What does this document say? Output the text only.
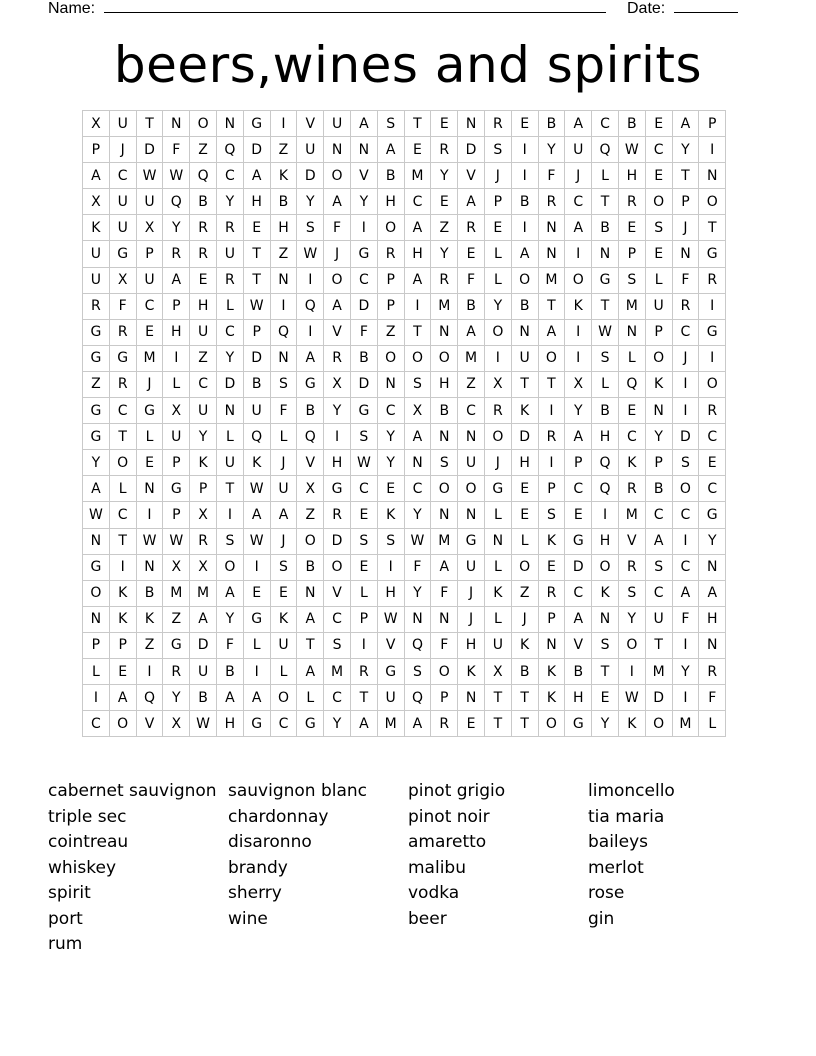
Name:	Date:
beers,wines and spirits
X	U	T	N	O	N	G	I	V	U	A	S	T	E	N	R	E	B	A	C	B	E	A	P
P	J	D	F	Z	Q	D	Z	U	N	N	A	E	R	D	S	I	Y	U	Q	W	C	Y	I
A	C	W	W	Q	C	A	K	D	O	V	B	M	Y	V	J	I	F	J	L	H	E	T	N
X	U	U	Q	B	Y	H	B	Y	A	Y	H	C	E	A	P	B	R	C	T	R	O	P	O
K	U	X	Y	R	R	E	H	S	F	I	O	A	Z	R	E	I	N	A	B	E	S	J	T
U	G	P	R	R	U	T	Z	W	J	G	R	H	Y	E	L	A	N	I	N	P	E	N	G
U	X	U	A	E	R	T	N	I	O	C	P	A	R	F	L	O	M	O	G	S	L	F	R
R	F	C	P	H	L	W	I	Q	A	D	P	I	M	B	Y	B	T	K	T	M	U	R	I
G	R	E	H	U	C	P	Q	I	V	F	Z	T	N	A	O	N	A	I	W	N	P	C	G
G	G	M	I	Z	Y	D	N	A	R	B	O	O	O	M	I	U	O	I	S	L	O	J	I
Z	R	J	L	C	D	B	S	G	X	D	N	S	H	Z	X	T	T	X	L	Q	K	I	O
G	C	G	X	U	N	U	F	B	Y	G	C	X	B	C	R	K	I	Y	B	E	N	I	R
G	T	L	U	Y	L	Q	L	Q	I	S	Y	A	N	N	O	D	R	A	H	C	Y	D	C
Y	O	E	P	K	U	K	J	V	H	W	Y	N	S	U	J	H	I	P	Q	K	P	S	E
A	L	N	G	P	T	W	U	X	G	C	E	C	O	O	G	E	P	C	Q	R	B	O	C
W	C	I	P	X	I	A	A	Z	R	E	K	Y	N	N	L	E	S	E	I	M	C	C	G
N	T	W	W	R	S	W	J	O	D	S	S	W	M	G	N	L	K	G	H	V	A	I	Y
G	I	N	X	X	O	I	S	B	O	E	I	F	A	U	L	O	E	D	O	R	S	C	N
O	K	B	M	M	A	E	E	N	V	L	H	Y	F	J	K	Z	R	C	K	S	C	A	A
N	K	K	Z	A	Y	G	K	A	C	P	W	N	N	J	L	J	P	A	N	Y	U	F	H
P	P	Z	G	D	F	L	U	T	S	I	V	Q	F	H	U	K	N	V	S	O	T	I	N
L	E	I	R	U	B	I	L	A	M	R	G	S	O	K	X	B	K	B	T	I	M	Y	R
I	A	Q	Y	B	A	A	O	L	C	T	U	Q	P	N	T	T	K	H	E	W	D	I	F
C	O	V	X	W	H	G	C	G	Y	A	M	A	R	E	T	T	O	G	Y	K	O	M	L
cabernet sauvignon
triple sec
cointreau
whiskey
spirit
port
rum
sauvignon blanc
chardonnay
disaronno
brandy
sherry
wine
pinot grigio
pinot noir
amaretto
malibu
vodka
beer
limoncello
tia maria
baileys
merlot
rose
gin
